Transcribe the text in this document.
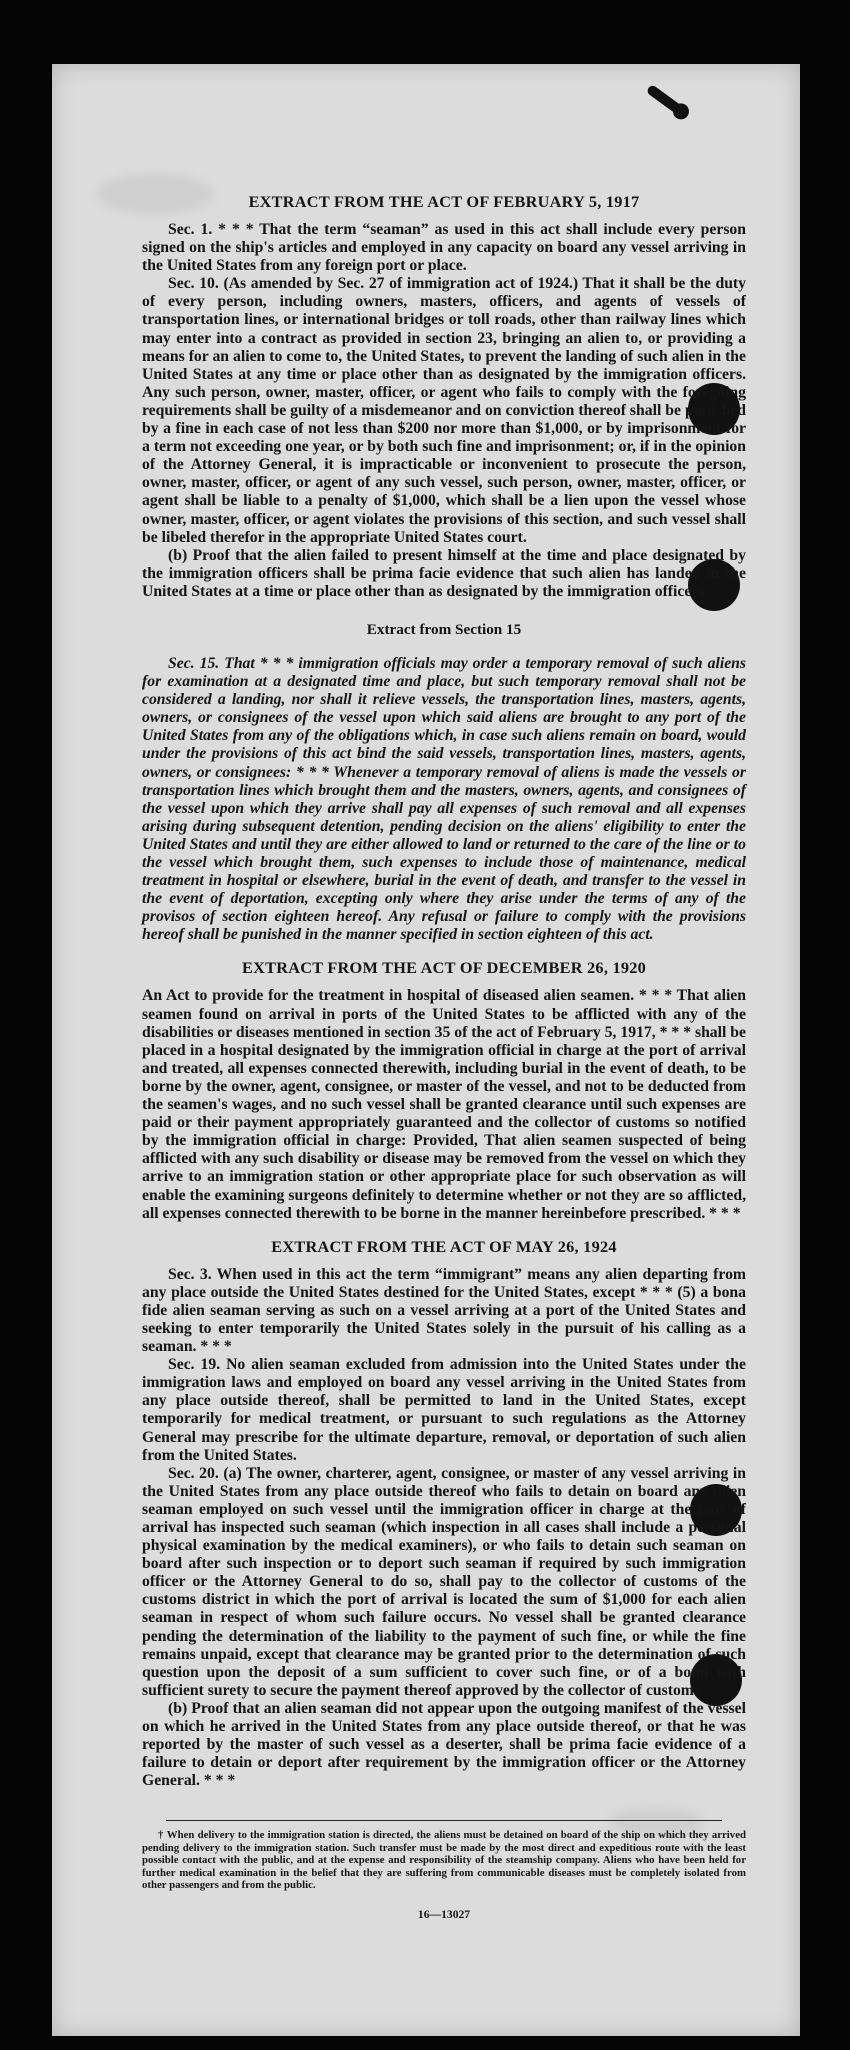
EXTRACT FROM THE ACT OF FEBRUARY 5, 1917

Sec. 1. * * * That the term “seaman” as used in this act shall include every person signed on the ship's articles and employed in any capacity on board any vessel arriving in the United States from any foreign port or place.

Sec. 10. (As amended by Sec. 27 of immigration act of 1924.) That it shall be the duty of every person, including owners, masters, officers, and agents of vessels of transportation lines, or international bridges or toll roads, other than railway lines which may enter into a contract as provided in section 23, bringing an alien to, or providing a means for an alien to come to, the United States, to prevent the landing of such alien in the United States at any time or place other than as designated by the immigration officers. Any such person, owner, master, officer, or agent who fails to comply with the foregoing requirements shall be guilty of a misdemeanor and on conviction thereof shall be punished by a fine in each case of not less than $200 nor more than $1,000, or by imprisonment for a term not exceeding one year, or by both such fine and imprisonment; or, if in the opinion of the Attorney General, it is impracticable or inconvenient to prosecute the person, owner, master, officer, or agent of any such vessel, such person, owner, master, officer, or agent shall be liable to a penalty of $1,000, which shall be a lien upon the vessel whose owner, master, officer, or agent violates the provisions of this section, and such vessel shall be libeled therefor in the appropriate United States court.

(b) Proof that the alien failed to present himself at the time and place designated by the immigration officers shall be prima facie evidence that such alien has landed in the United States at a time or place other than as designated by the immigration officers.

Extract from Section 15

Sec. 15. That * * * immigration officials may order a temporary removal of such aliens for examination at a designated time and place, but such temporary removal shall not be considered a landing, nor shall it relieve vessels, the transportation lines, masters, agents, owners, or consignees of the vessel upon which said aliens are brought to any port of the United States from any of the obligations which, in case such aliens remain on board, would under the provisions of this act bind the said vessels, transportation lines, masters, agents, owners, or consignees: * * * Whenever a temporary removal of aliens is made the vessels or transportation lines which brought them and the masters, owners, agents, and consignees of the vessel upon which they arrive shall pay all expenses of such removal and all expenses arising during subsequent detention, pending decision on the aliens' eligibility to enter the United States and until they are either allowed to land or returned to the care of the line or to the vessel which brought them, such expenses to include those of maintenance, medical treatment in hospital or elsewhere, burial in the event of death, and transfer to the vessel in the event of deportation, excepting only where they arise under the terms of any of the provisos of section eighteen hereof. Any refusal or failure to comply with the provisions hereof shall be punished in the manner specified in section eighteen of this act.

EXTRACT FROM THE ACT OF DECEMBER 26, 1920

An Act to provide for the treatment in hospital of diseased alien seamen. * * * That alien seamen found on arrival in ports of the United States to be afflicted with any of the disabilities or diseases mentioned in section 35 of the act of February 5, 1917, * * * shall be placed in a hospital designated by the immigration official in charge at the port of arrival and treated, all expenses connected therewith, including burial in the event of death, to be borne by the owner, agent, consignee, or master of the vessel, and not to be deducted from the seamen's wages, and no such vessel shall be granted clearance until such expenses are paid or their payment appropriately guaranteed and the collector of customs so notified by the immigration official in charge: Provided, That alien seamen suspected of being afflicted with any such disability or disease may be removed from the vessel on which they arrive to an immigration station or other appropriate place for such observation as will enable the examining surgeons definitely to determine whether or not they are so afflicted, all expenses connected therewith to be borne in the manner hereinbefore prescribed. * * *

EXTRACT FROM THE ACT OF MAY 26, 1924

Sec. 3. When used in this act the term “immigrant” means any alien departing from any place outside the United States destined for the United States, except * * * (5) a bona fide alien seaman serving as such on a vessel arriving at a port of the United States and seeking to enter temporarily the United States solely in the pursuit of his calling as a seaman. * * *

Sec. 19. No alien seaman excluded from admission into the United States under the immigration laws and employed on board any vessel arriving in the United States from any place outside thereof, shall be permitted to land in the United States, except temporarily for medical treatment, or pursuant to such regulations as the Attorney General may prescribe for the ultimate departure, removal, or deportation of such alien from the United States.

Sec. 20. (a) The owner, charterer, agent, consignee, or master of any vessel arriving in the United States from any place outside thereof who fails to detain on board any alien seaman employed on such vessel until the immigration officer in charge at the port of arrival has inspected such seaman (which inspection in all cases shall include a personal physical examination by the medical examiners), or who fails to detain such seaman on board after such inspection or to deport such seaman if required by such immigration officer or the Attorney General to do so, shall pay to the collector of customs of the customs district in which the port of arrival is located the sum of $1,000 for each alien seaman in respect of whom such failure occurs. No vessel shall be granted clearance pending the determination of the liability to the payment of such fine, or while the fine remains unpaid, except that clearance may be granted prior to the determination of such question upon the deposit of a sum sufficient to cover such fine, or of a bond with sufficient surety to secure the payment thereof approved by the collector of customs.

(b) Proof that an alien seaman did not appear upon the outgoing manifest of the vessel on which he arrived in the United States from any place outside thereof, or that he was reported by the master of such vessel as a deserter, shall be prima facie evidence of a failure to detain or deport after requirement by the immigration officer or the Attorney General. * * *

† When delivery to the immigration station is directed, the aliens must be detained on board of the ship on which they arrived pending delivery to the immigration station. Such transfer must be made by the most direct and expeditious route with the least possible contact with the public, and at the expense and responsibility of the steamship company. Aliens who have been held for further medical examination in the belief that they are suffering from communicable diseases must be completely isolated from other passengers and from the public.

16—13027
